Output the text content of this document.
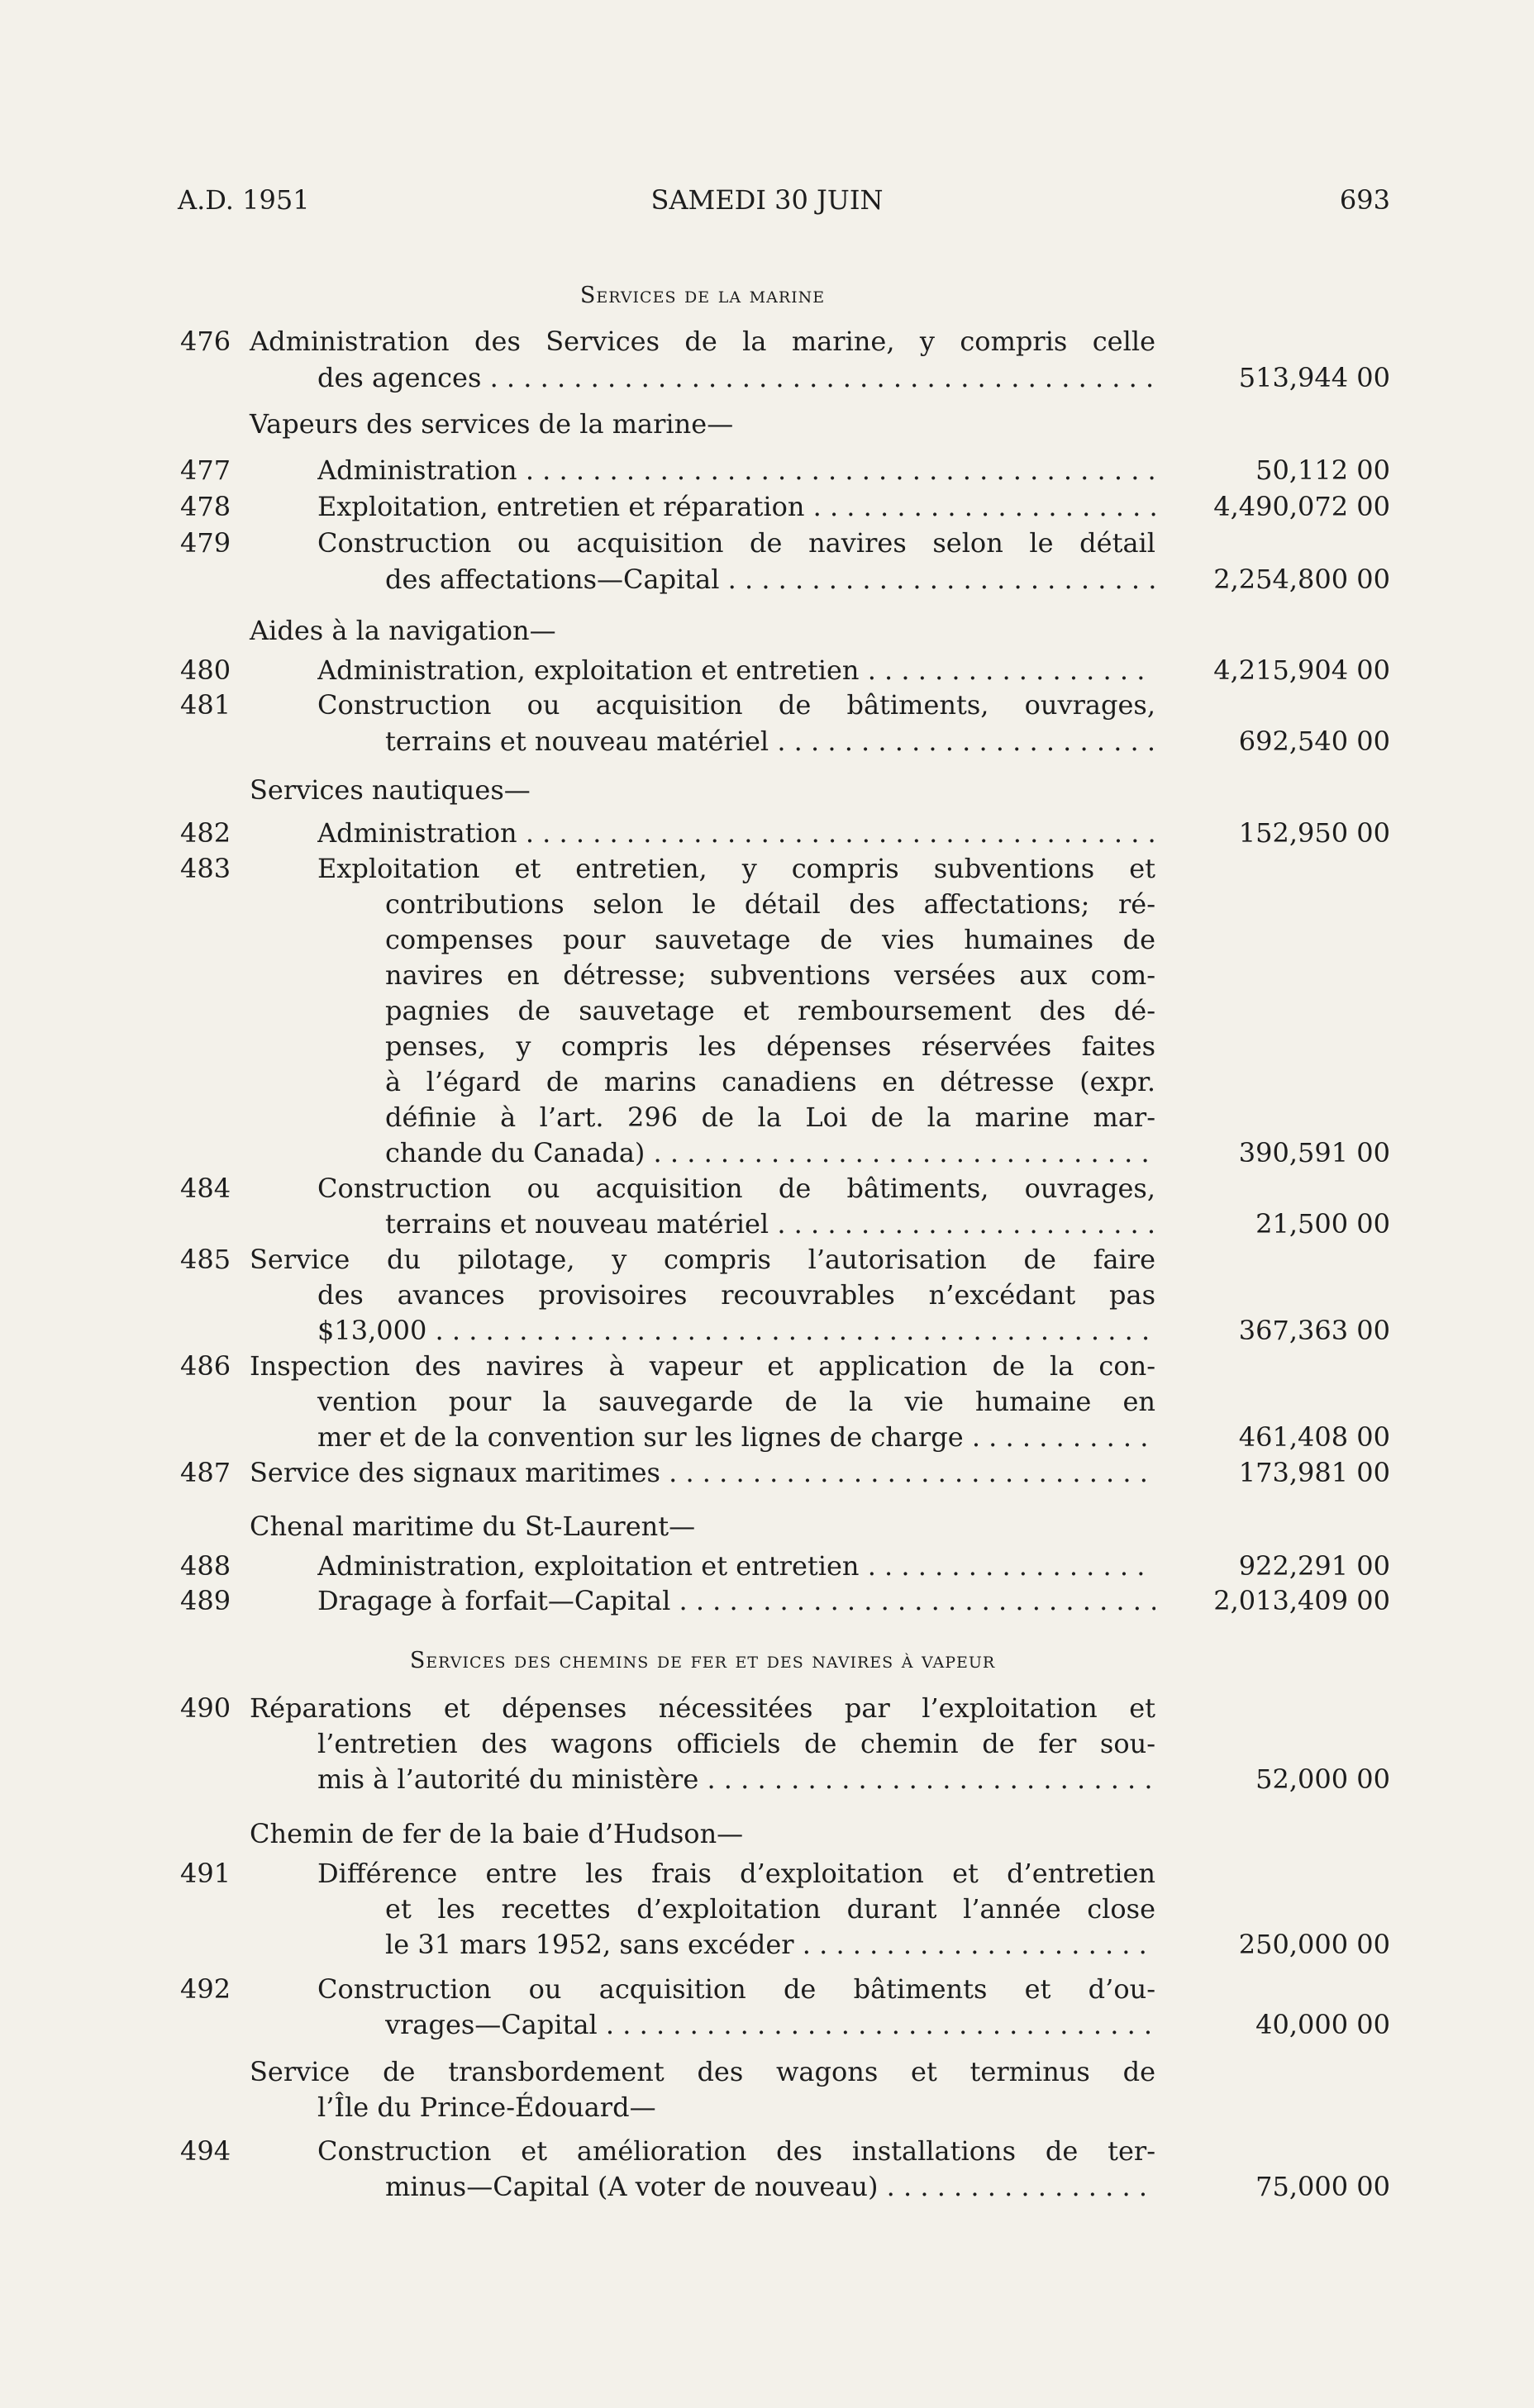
A.D. 1951	SAMEDI 30 JUIN	693
Services de la marine
476 Administration des Services de la marine, y compris celle
des agences . . .	513,944 00
Vapeurs des services de la marine—
477	Administration . . .	50,112 00
478	Exploitation, entretien et réparation . . .	4,490,072 00
479	Construction ou acquisition de navires selon le détail
des affectations—Capital . . .	2,254,800 00
Aides à la navigation—
480	Administration, exploitation et entretien . . .	4,215,904 00
481	Construction ou acquisition de bâtiments, ouvrages,
terrains et nouveau matériel . . .	692,540 00
Services nautiques—
482	Administration . . .	152,950 00
483	Exploitation et entretien, y compris subventions et
contributions selon le détail des affectations; ré-
compenses pour sauvetage de vies humaines de
navires en détresse; subventions versées aux com-
pagnies de sauvetage et remboursement des dé-
penses, y compris les dépenses réservées faites
à l’égard de marins canadiens en détresse (expr.
définie à l’art. 296 de la Loi de la marine mar-
chande du Canada) . . .	390,591 00
484	Construction ou acquisition de bâtiments, ouvrages,
terrains et nouveau matériel . . .	21,500 00
485 Service du pilotage, y compris l’autorisation de faire
des avances provisoires recouvrables n’excédant pas
$13,000 . . .	367,363 00
486 Inspection des navires à vapeur et application de la con-
vention pour la sauvegarde de la vie humaine en
mer et de la convention sur les lignes de charge . . .	461,408 00
487 Service des signaux maritimes . . .	173,981 00
Chenal maritime du St-Laurent—
488	Administration, exploitation et entretien . . .	922,291 00
489	Dragage à forfait—Capital . . .	2,013,409 00
Services des chemins de fer et des navires à vapeur
490 Réparations et dépenses nécessitées par l’exploitation et
l’entretien des wagons officiels de chemin de fer sou-
mis à l’autorité du ministère . . .	52,000 00
Chemin de fer de la baie d’Hudson—
491	Différence entre les frais d’exploitation et d’entretien
et les recettes d’exploitation durant l’année close
le 31 mars 1952, sans excéder . . .	250,000 00
492	Construction ou acquisition de bâtiments et d’ou-
vrages—Capital . . .	40,000 00
Service de transbordement des wagons et terminus de
l’Île du Prince-Édouard—
494	Construction et amélioration des installations de ter-
minus—Capital (A voter de nouveau) . . .	75,000 00
